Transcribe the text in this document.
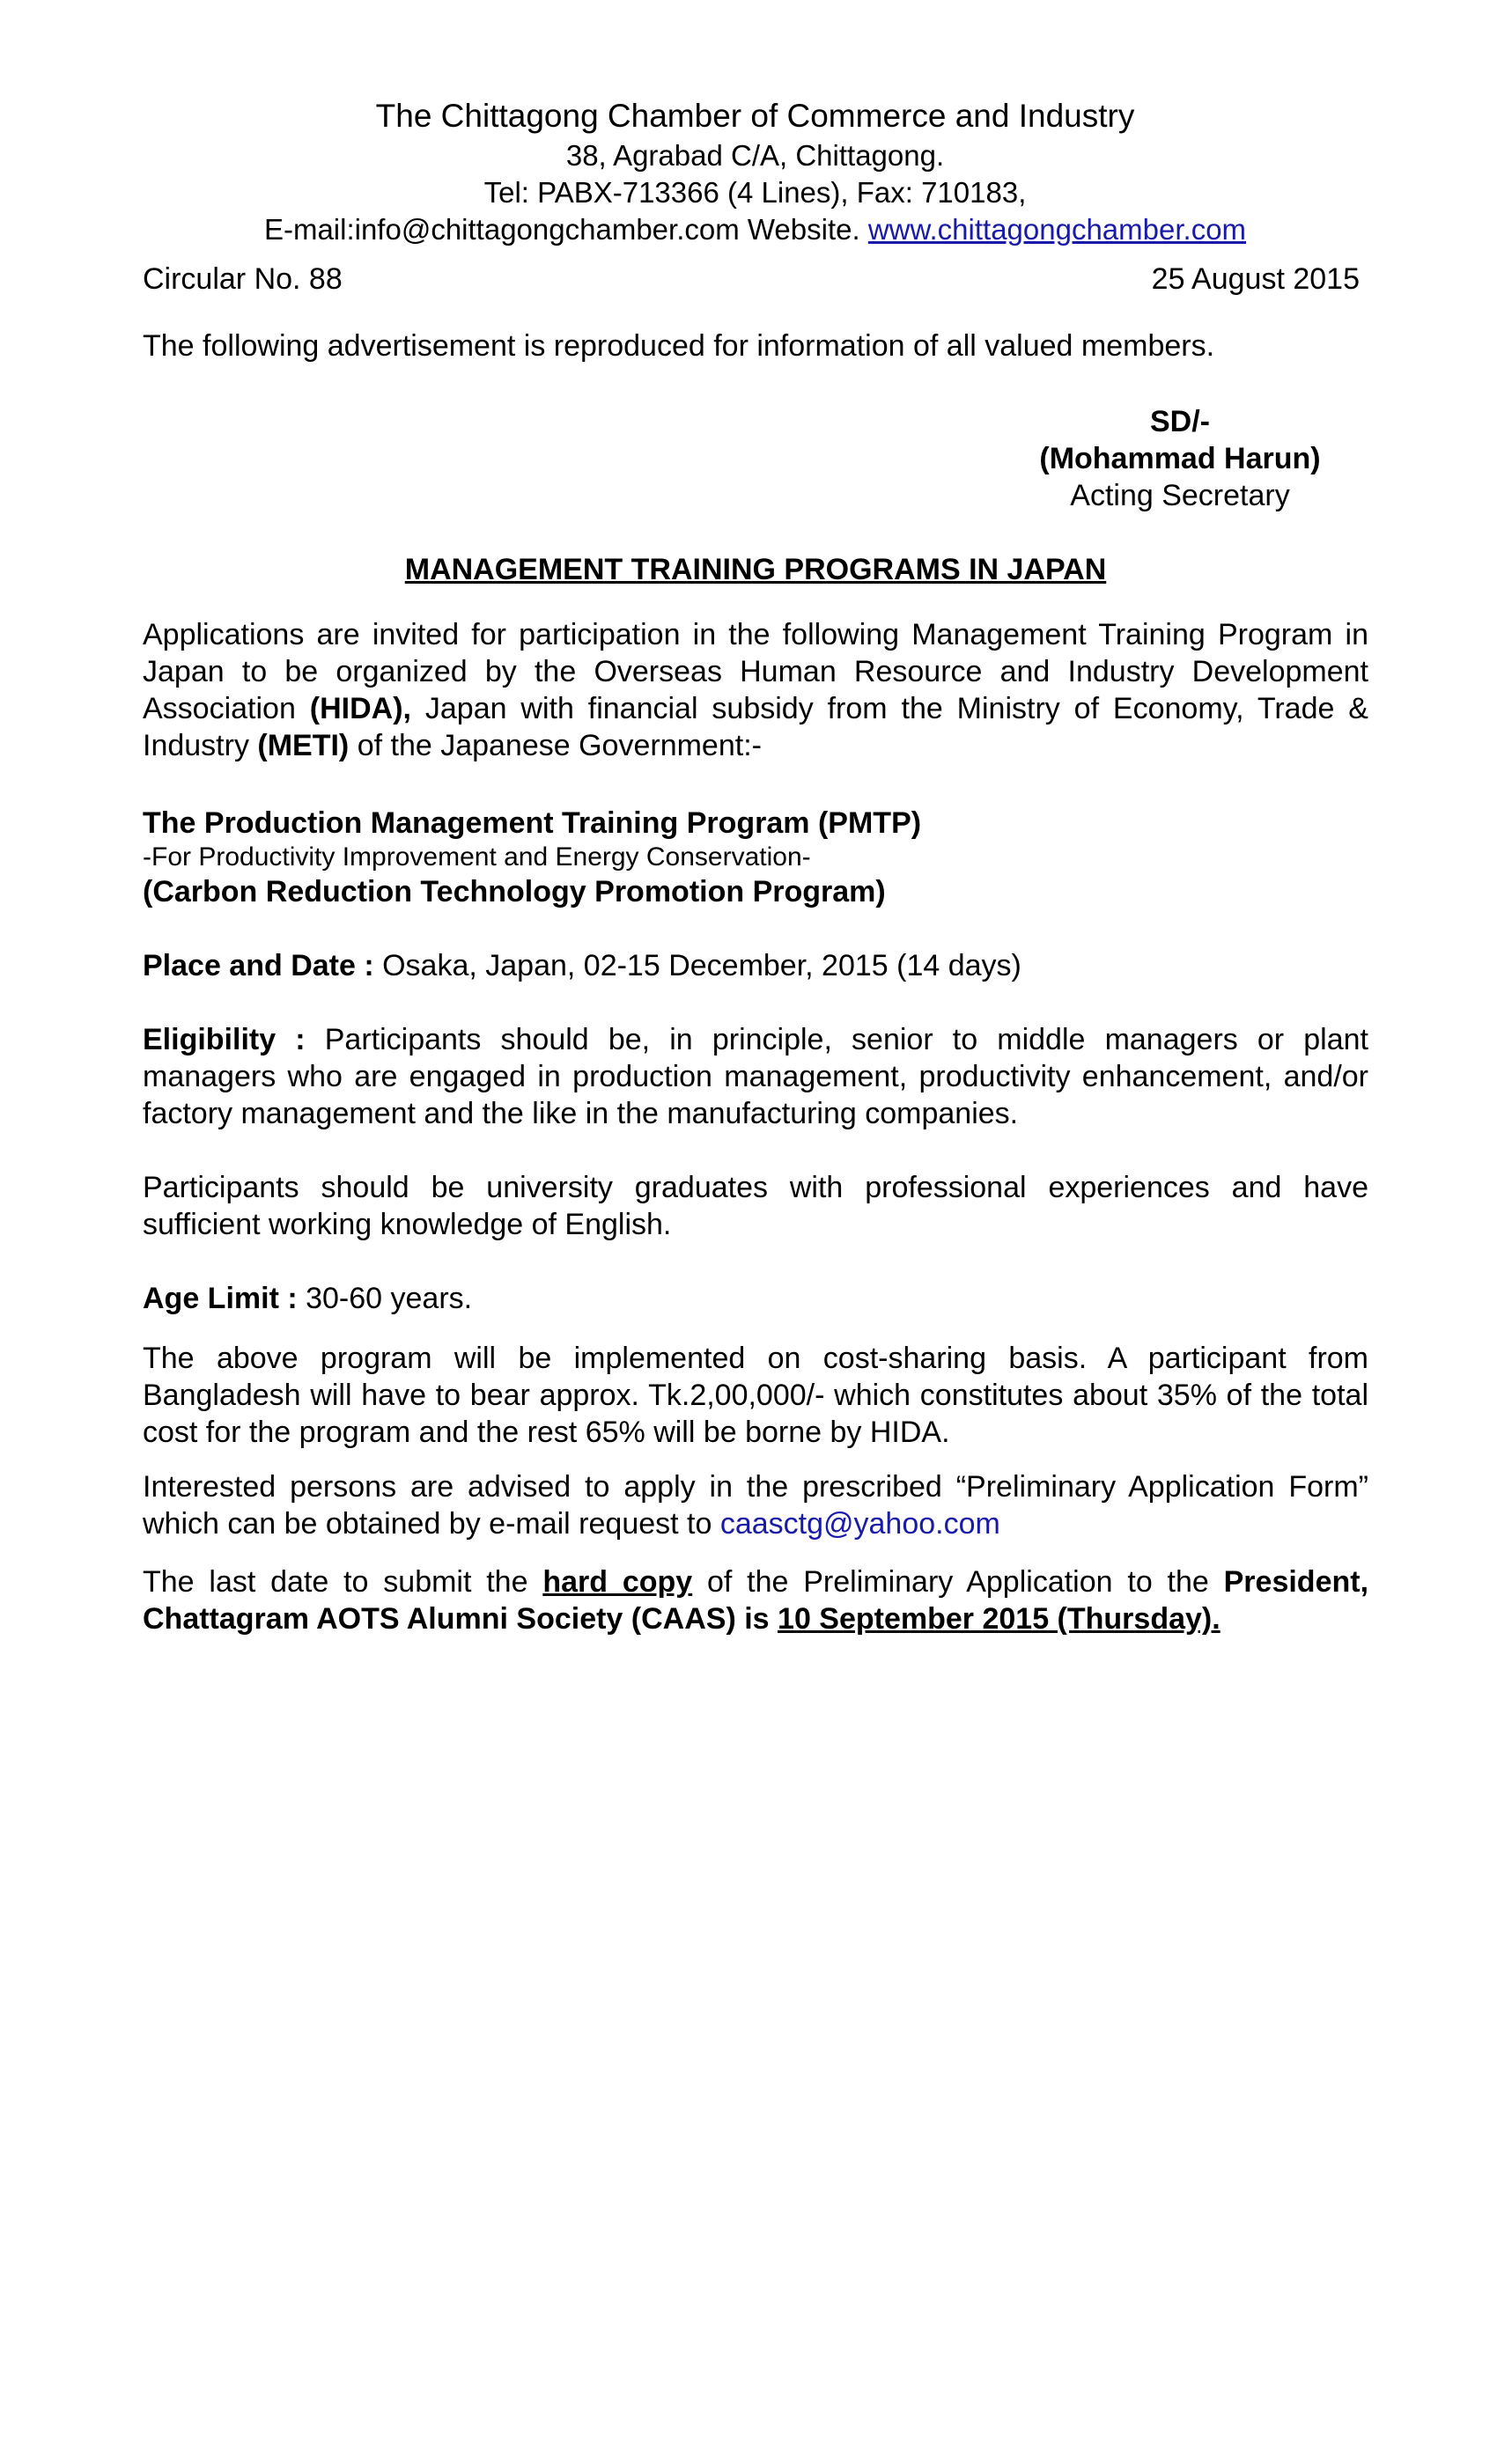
The Chittagong Chamber of Commerce and Industry
38, Agrabad C/A, Chittagong.
Tel: PABX-713366 (4 Lines), Fax: 710183,
E-mail:info@chittagongchamber.com Website. www.chittagongchamber.com
Circular No. 88	25 August 2015
The following advertisement is reproduced for information of all valued members.
SD/-
(Mohammad Harun)
Acting Secretary
MANAGEMENT TRAINING PROGRAMS IN JAPAN
Applications are invited for participation in the following Management Training Program in Japan to be organized by the Overseas Human Resource and Industry Development Association (HIDA), Japan with financial subsidy from the Ministry of Economy, Trade & Industry (METI) of the Japanese Government:-
The Production Management Training Program (PMTP)
-For Productivity Improvement and Energy Conservation-
(Carbon Reduction Technology Promotion Program)
Place and Date : Osaka, Japan, 02-15 December, 2015 (14 days)
Eligibility : Participants should be, in principle, senior to middle managers or plant managers who are engaged in production management, productivity enhancement, and/or factory management and the like in the manufacturing companies.
Participants should be university graduates with professional experiences and have sufficient working knowledge of English.
Age Limit : 30-60 years.
The above program will be implemented on cost-sharing basis. A participant from Bangladesh will have to bear approx. Tk.2,00,000/- which constitutes about 35% of the total cost for the program and the rest 65% will be borne by HIDA.
Interested persons are advised to apply in the prescribed “Preliminary Application Form” which can be obtained by e-mail request to caasctg@yahoo.com
The last date to submit the hard copy of the Preliminary Application to the President, Chattagram AOTS Alumni Society (CAAS) is 10 September 2015 (Thursday).
